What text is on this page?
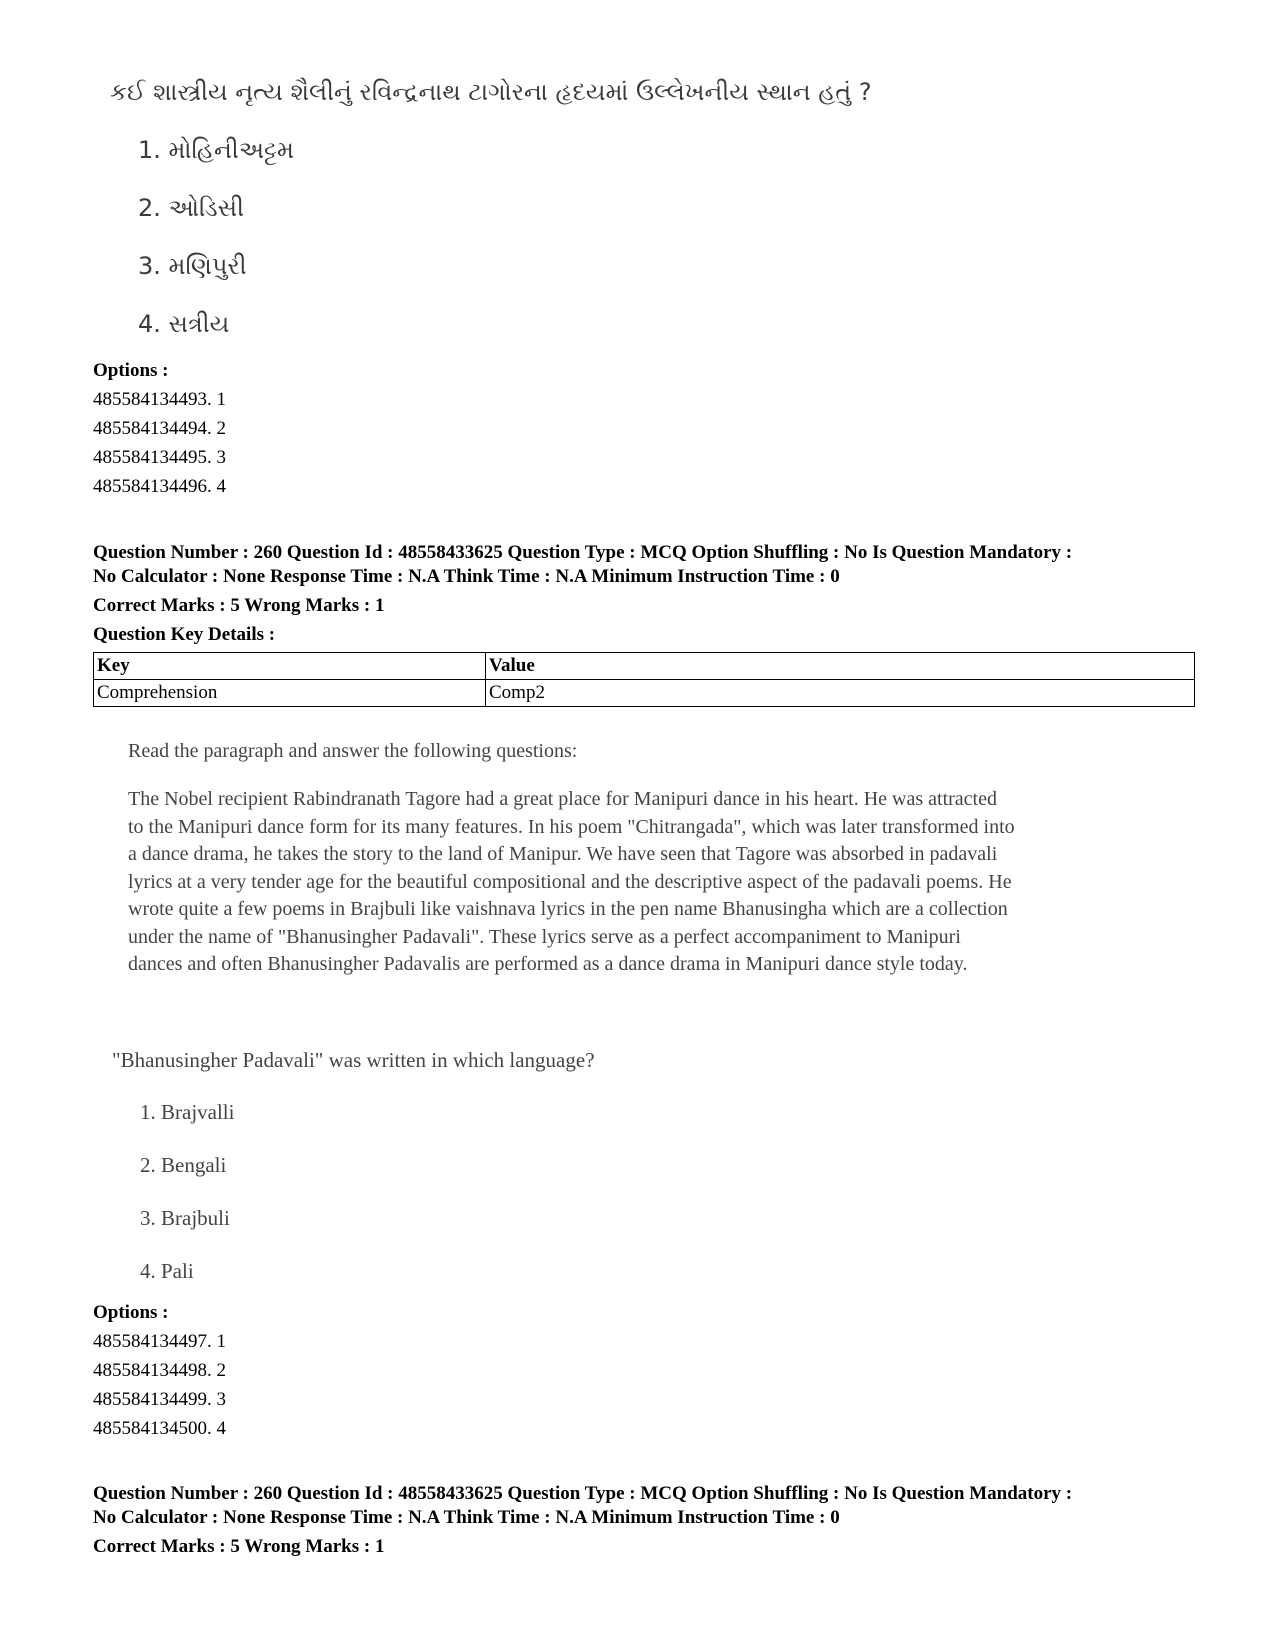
કઈ શાસ્ત્રીય નૃત્ય શૈલીનું રવિન્દ્રનાથ ટાગોરના હૃદયમાં ઉલ્લેખનીય સ્થાન હતું ?
1. મોહિનીઅટ્ટમ
2. ઓડિસી
3. મણિપુરી
4. સત્રીય
Options :
485584134493. 1
485584134494. 2
485584134495. 3
485584134496. 4
Question Number : 260 Question Id : 48558433625 Question Type : MCQ Option Shuffling : No Is Question Mandatory :
No Calculator : None Response Time : N.A Think Time : N.A Minimum Instruction Time : 0
Correct Marks : 5 Wrong Marks : 1
Question Key Details :
Key	Value
Comprehension	Comp2
Read the paragraph and answer the following questions:
The Nobel recipient Rabindranath Tagore had a great place for Manipuri dance in his heart. He was attracted
to the Manipuri dance form for its many features. In his poem "Chitrangada", which was later transformed into
a dance drama, he takes the story to the land of Manipur. We have seen that Tagore was absorbed in padavali
lyrics at a very tender age for the beautiful compositional and the descriptive aspect of the padavali poems. He
wrote quite a few poems in Brajbuli like vaishnava lyrics in the pen name Bhanusingha which are a collection
under the name of "Bhanusingher Padavali". These lyrics serve as a perfect accompaniment to Manipuri
dances and often Bhanusingher Padavalis are performed as a dance drama in Manipuri dance style today.
"Bhanusingher Padavali" was written in which language?
1. Brajvalli
2. Bengali
3. Brajbuli
4. Pali
Options :
485584134497. 1
485584134498. 2
485584134499. 3
485584134500. 4
Question Number : 260 Question Id : 48558433625 Question Type : MCQ Option Shuffling : No Is Question Mandatory :
No Calculator : None Response Time : N.A Think Time : N.A Minimum Instruction Time : 0
Correct Marks : 5 Wrong Marks : 1
